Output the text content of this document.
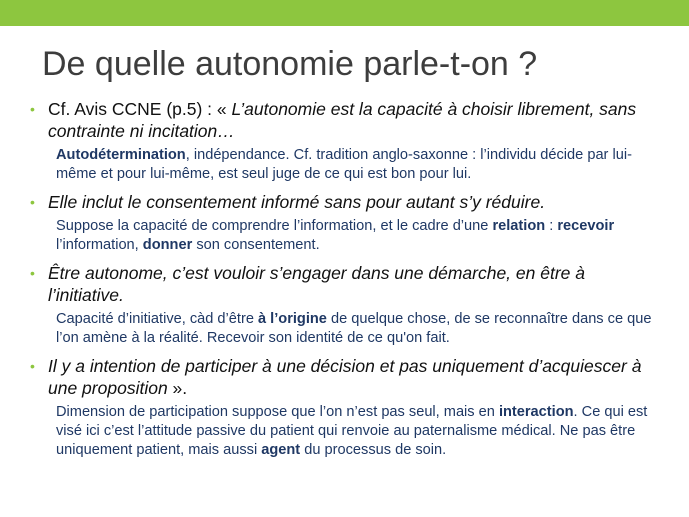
De quelle autonomie parle-t-on ?
• Cf. Avis CCNE (p.5) : « L’autonomie est la capacité à choisir librement, sans contrainte ni incitation…
Autodétermination, indépendance. Cf. tradition anglo-saxonne : l’individu décide par lui-même et pour lui-même, est seul juge de ce qui est bon pour lui.
• Elle inclut le consentement informé sans pour autant s’y réduire.
Suppose la capacité de comprendre l’information, et le cadre d’une relation : recevoir l’information, donner son consentement.
• Être autonome, c’est vouloir s’engager dans une démarche, en être à l’initiative.
Capacité d’initiative, càd d’être à l’origine de quelque chose, de se reconnaître dans ce que l’on amène à la réalité. Recevoir son identité de ce qu'on fait.
• Il y a intention de participer à une décision et pas uniquement d’acquiescer à une proposition ».
Dimension de participation suppose que l’on n’est pas seul, mais en interaction. Ce qui est visé ici c’est l’attitude passive du patient qui renvoie au paternalisme médical. Ne pas être uniquement patient, mais aussi agent du processus de soin.
